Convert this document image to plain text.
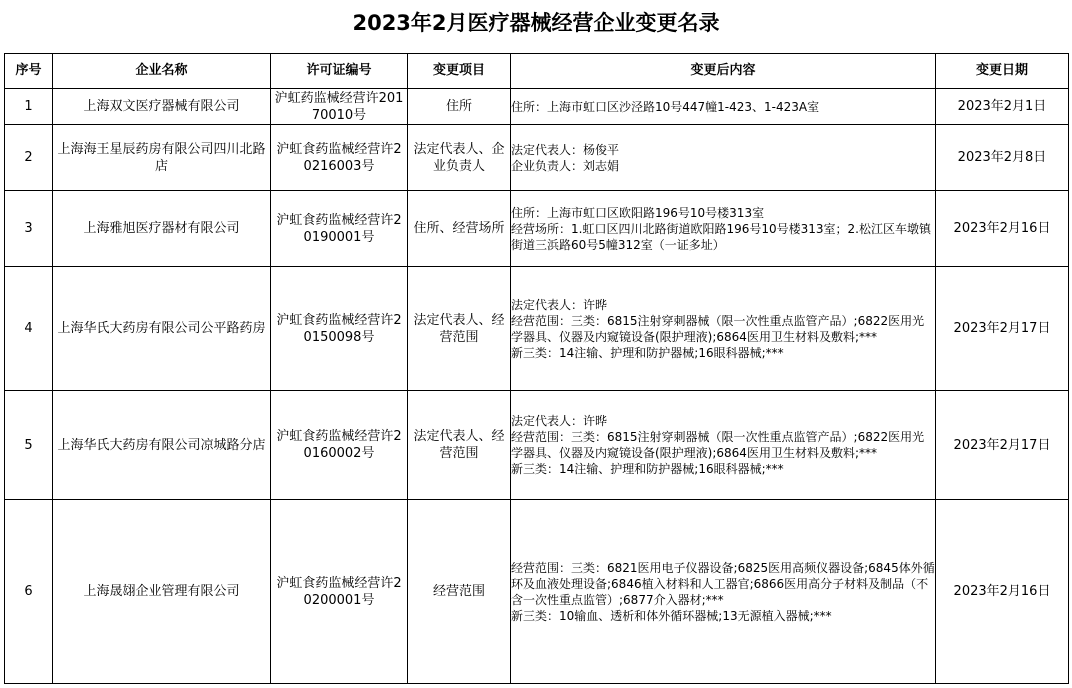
2023年2月医疗器械经营企业变更名录
序号	企业名称	许可证编号	变更项目	变更后内容	变更日期
1	上海双文医疗器械有限公司	沪虹药监械经营许20170010号	住所	住所：上海市虹口区沙泾路10号447幢1-423、1-423A室	2023年2月1日
2	上海海王星辰药房有限公司四川北路店	沪虹食药监械经营许20216003号	法定代表人、企业负责人	法定代表人：杨俊平
企业负责人：刘志娟	2023年2月8日
3	上海雅旭医疗器材有限公司	沪虹食药监械经营许20190001号	住所、经营场所	住所：上海市虹口区欧阳路196号10号楼313室
经营场所：1.虹口区四川北路街道欧阳路196号10号楼313室；2.松江区车墩镇街道三浜路60号5幢312室（一证多址）	2023年2月16日
4	上海华氏大药房有限公司公平路药房	沪虹食药监械经营许20150098号	法定代表人、经营范围	法定代表人：许晔
经营范围：三类：6815注射穿刺器械（限一次性重点监管产品）;6822医用光学器具、仪器及内窥镜设备(限护理液);6864医用卫生材料及敷料;***
新三类：14注输、护理和防护器械;16眼科器械;***	2023年2月17日
5	上海华氏大药房有限公司凉城路分店	沪虹食药监械经营许20160002号	法定代表人、经营范围	法定代表人：许晔
经营范围：三类：6815注射穿刺器械（限一次性重点监管产品）;6822医用光学器具、仪器及内窥镜设备(限护理液);6864医用卫生材料及敷料;***
新三类：14注输、护理和防护器械;16眼科器械;***	2023年2月17日
6	上海晟翃企业管理有限公司	沪虹食药监械经营许20200001号	经营范围	经营范围：三类：6821医用电子仪器设备;6825医用高频仪器设备;6845体外循环及血液处理设备;6846植入材料和人工器官;6866医用高分子材料及制品（不含一次性重点监管）;6877介入器材;***
新三类：10输血、透析和体外循环器械;13无源植入器械;***	2023年2月16日
